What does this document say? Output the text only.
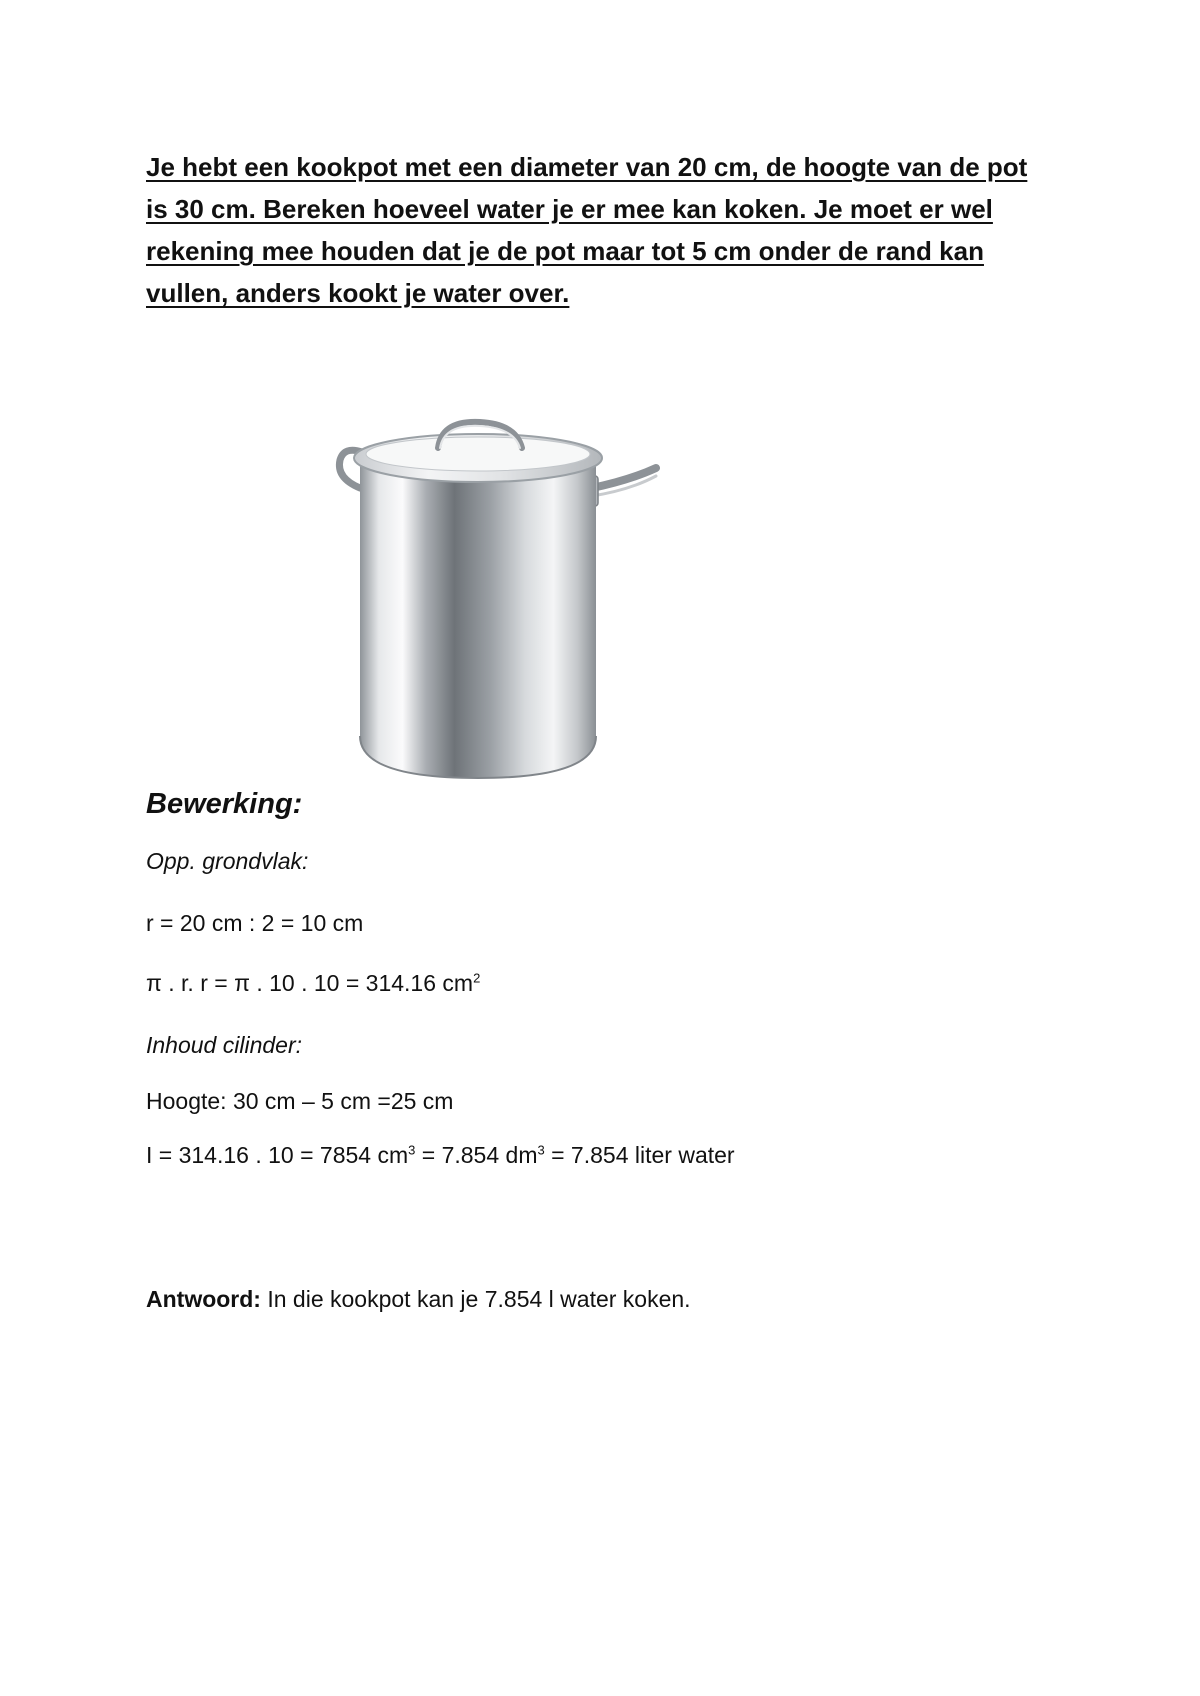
Je hebt een kookpot met een diameter van 20 cm, de hoogte van de pot is 30 cm. Bereken hoeveel water je er mee kan koken. Je moet er wel rekening mee houden dat je de pot maar tot 5 cm onder de rand kan vullen, anders kookt je water over.

Bewerking:

Opp. grondvlak:

r = 20 cm : 2 = 10 cm

π . r. r = π . 10 . 10 = 314.16 $cm^2$

Inhoud cilinder:

Hoogte: 30 cm – 5 cm =25 cm

I = 314.16 . 10 = 7854 $cm^3 = 7.854$ $dm^3 = 7.854$ liter water

Antwoord: In die kookpot kan je 7.854 l water koken.
